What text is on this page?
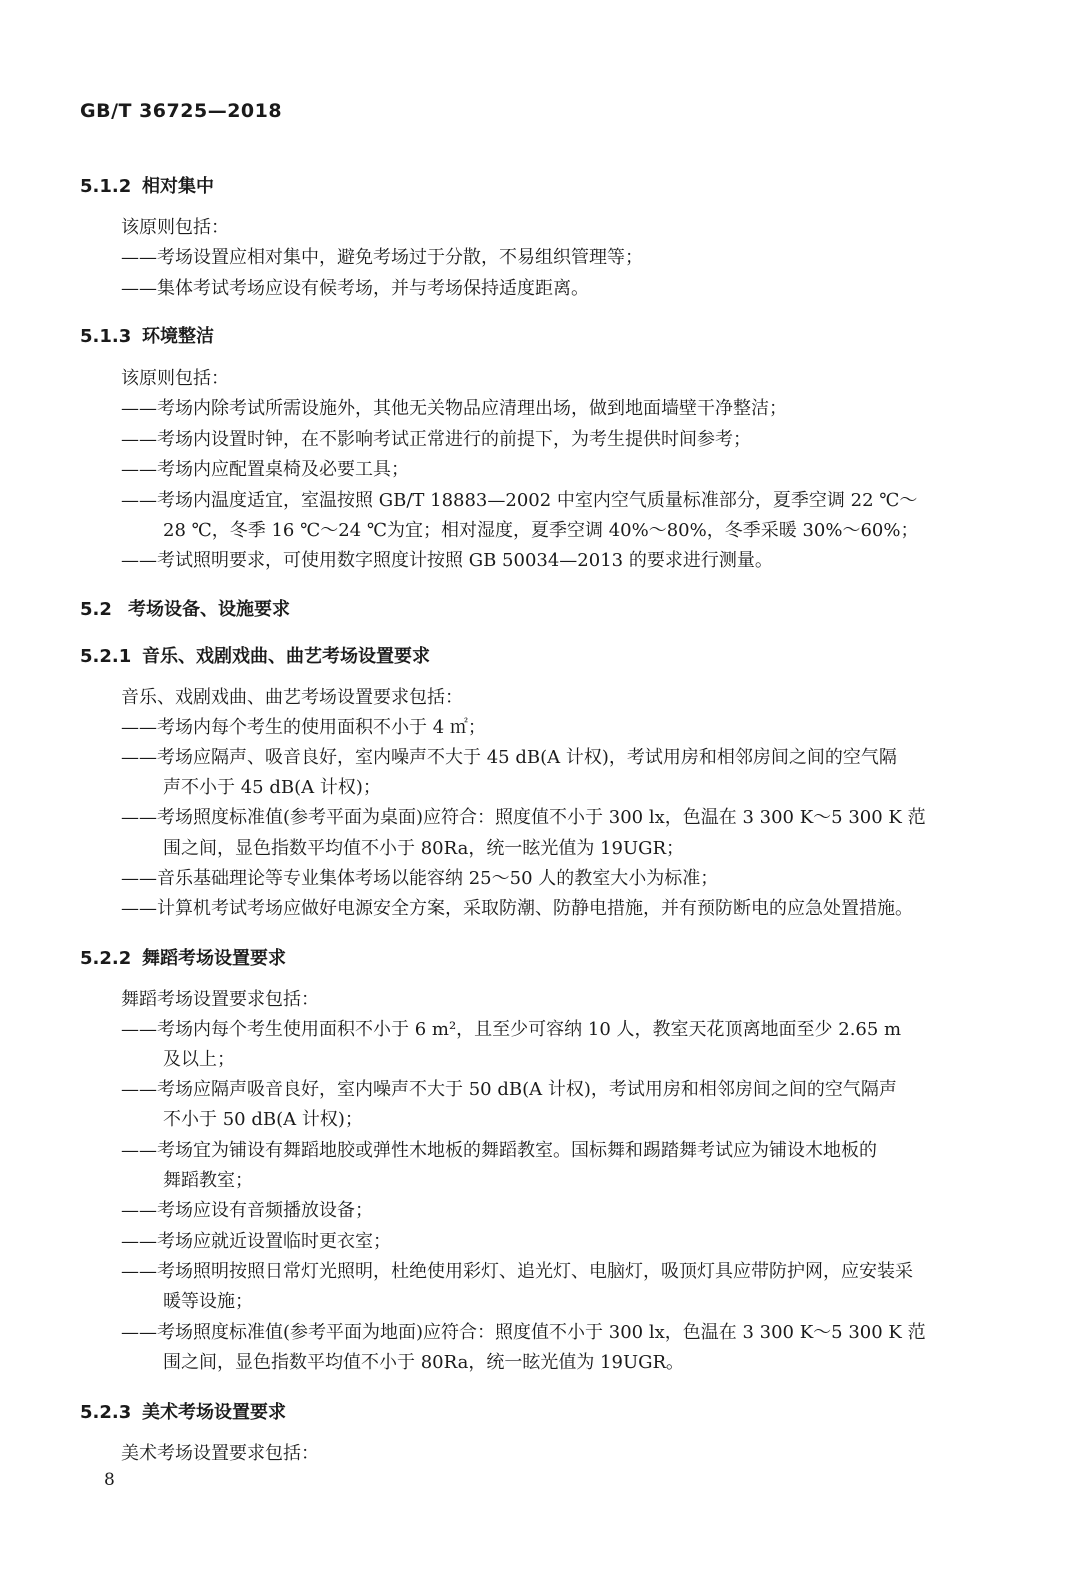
GB/T 36725—2018
5.1.2 相对集中
该原则包括：
——考场设置应相对集中，避免考场过于分散，不易组织管理等；
——集体考试考场应设有候考场，并与考场保持适度距离。
5.1.3 环境整洁
该原则包括：
——考场内除考试所需设施外，其他无关物品应清理出场，做到地面墙壁干净整洁；
——考场内设置时钟，在不影响考试正常进行的前提下，为考生提供时间参考；
——考场内应配置桌椅及必要工具；
——考场内温度适宜，室温按照 GB/T 18883—2002 中室内空气质量标准部分，夏季空调 22 ℃～
28 ℃，冬季 16 ℃～24 ℃为宜；相对湿度，夏季空调 40%～80%，冬季采暖 30%～60%；
——考试照明要求，可使用数字照度计按照 GB 50034—2013 的要求进行测量。
5.2 考场设备、设施要求
5.2.1 音乐、戏剧戏曲、曲艺考场设置要求
音乐、戏剧戏曲、曲艺考场设置要求包括：
——考场内每个考生的使用面积不小于 4 ㎡；
——考场应隔声、吸音良好，室内噪声不大于 45 dB(A 计权)，考试用房和相邻房间之间的空气隔
声不小于 45 dB(A 计权)；
——考场照度标准值(参考平面为桌面)应符合：照度值不小于 300 lx，色温在 3 300 K～5 300 K 范
围之间，显色指数平均值不小于 80Ra，统一眩光值为 19UGR；
——音乐基础理论等专业集体考场以能容纳 25～50 人的教室大小为标准；
——计算机考试考场应做好电源安全方案，采取防潮、防静电措施，并有预防断电的应急处置措施。
5.2.2 舞蹈考场设置要求
舞蹈考场设置要求包括：
——考场内每个考生使用面积不小于 6 m²，且至少可容纳 10 人，教室天花顶离地面至少 2.65 m
及以上；
——考场应隔声吸音良好，室内噪声不大于 50 dB(A 计权)，考试用房和相邻房间之间的空气隔声
不小于 50 dB(A 计权)；
——考场宜为铺设有舞蹈地胶或弹性木地板的舞蹈教室。国标舞和踢踏舞考试应为铺设木地板的
舞蹈教室；
——考场应设有音频播放设备；
——考场应就近设置临时更衣室；
——考场照明按照日常灯光照明，杜绝使用彩灯、追光灯、电脑灯，吸顶灯具应带防护网，应安装采
暖等设施；
——考场照度标准值(参考平面为地面)应符合：照度值不小于 300 lx，色温在 3 300 K～5 300 K 范
围之间，显色指数平均值不小于 80Ra，统一眩光值为 19UGR。
5.2.3 美术考场设置要求
美术考场设置要求包括：
8
